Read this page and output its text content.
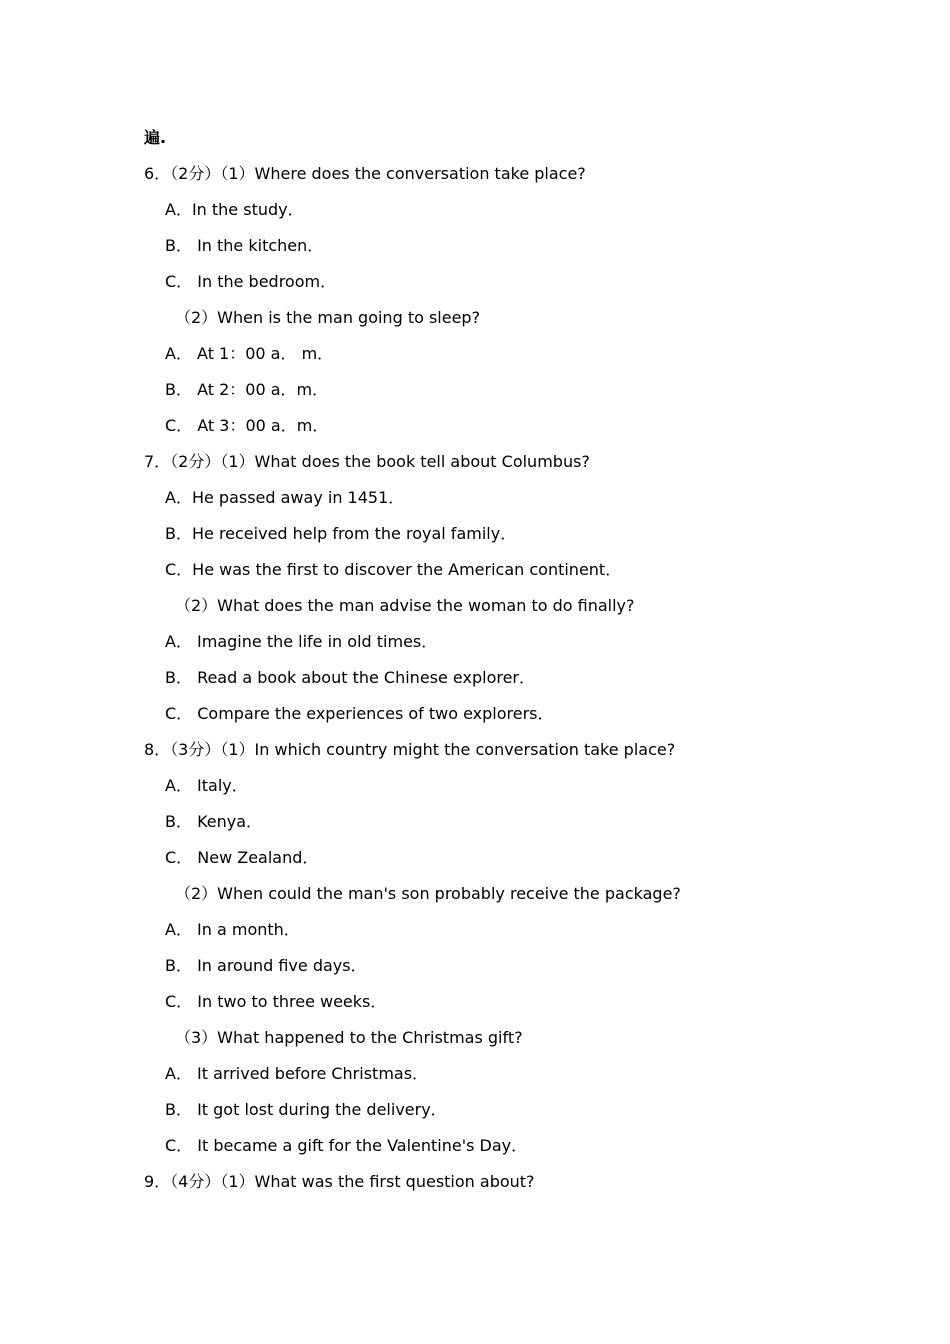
遍.
6．（2分）（1）Where does the conversation take place?
A．In the study．
B． In the kitchen．
C． In the bedroom．
（2）When is the man going to sleep?
A． At 1：00 a． m．
B． At 2：00 a．m．
C． At 3：00 a．m．
7．（2分）（1）What does the book tell about Columbus?
A．He passed away in 1451．
B．He received help from the royal family．
C．He was the first to discover the American continent．
（2）What does the man advise the woman to do finally?
A． Imagine the life in old times．
B． Read a book about the Chinese explorer．
C． Compare the experiences of two explorers．
8．（3分）（1）In which country might the conversation take place?
A． Italy．
B． Kenya．
C． New Zealand．
（2）When could the man's son probably receive the package?
A． In a month．
B． In around five days．
C． In two to three weeks．
（3）What happened to the Christmas gift?
A． It arrived before Christmas．
B． It got lost during the delivery．
C． It became a gift for the Valentine's Day．
9．（4分）（1）What was the first question about?
